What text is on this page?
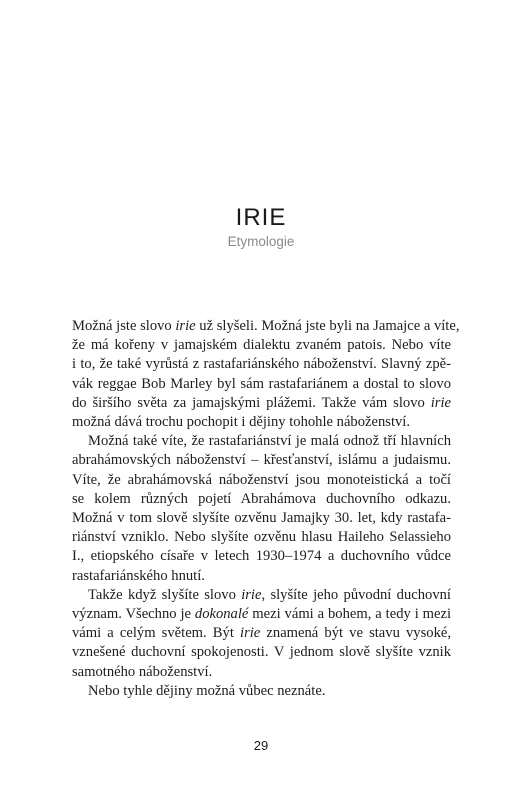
IRIE
Etymologie

Možná jste slovo irie už slyšeli. Možná jste byli na Jamajce a víte,
že má kořeny v jamajském dialektu zvaném patois. Nebo víte
i to, že také vyrůstá z rastafariánského náboženství. Slavný zpě-
vák reggae Bob Marley byl sám rastafariánem a dostal to slovo
do širšího světa za jamajskými plážemi. Takže vám slovo irie
možná dává trochu pochopit i dějiny tohohle náboženství.

Možná také víte, že rastafariánství je malá odnož tří hlavních
abrahámovských náboženství – křesťanství, islámu a judaismu.
Víte, že abrahámovská náboženství jsou monoteistická a točí
se kolem různých pojetí Abrahámova duchovního odkazu.
Možná v tom slově slyšíte ozvěnu Jamajky 30. let, kdy rastafa-
riánství vzniklo. Nebo slyšíte ozvěnu hlasu Haileho Selassieho
I., etiopského císaře v letech 1930–1974 a duchovního vůdce
rastafariánského hnutí.

Takže když slyšíte slovo irie, slyšíte jeho původní duchovní
význam. Všechno je dokonalé mezi vámi a bohem, a tedy i mezi
vámi a celým světem. Být irie znamená být ve stavu vysoké,
vznešené duchovní spokojenosti. V jednom slově slyšíte vznik
samotného náboženství.

Nebo tyhle dějiny možná vůbec neznáte.

29
